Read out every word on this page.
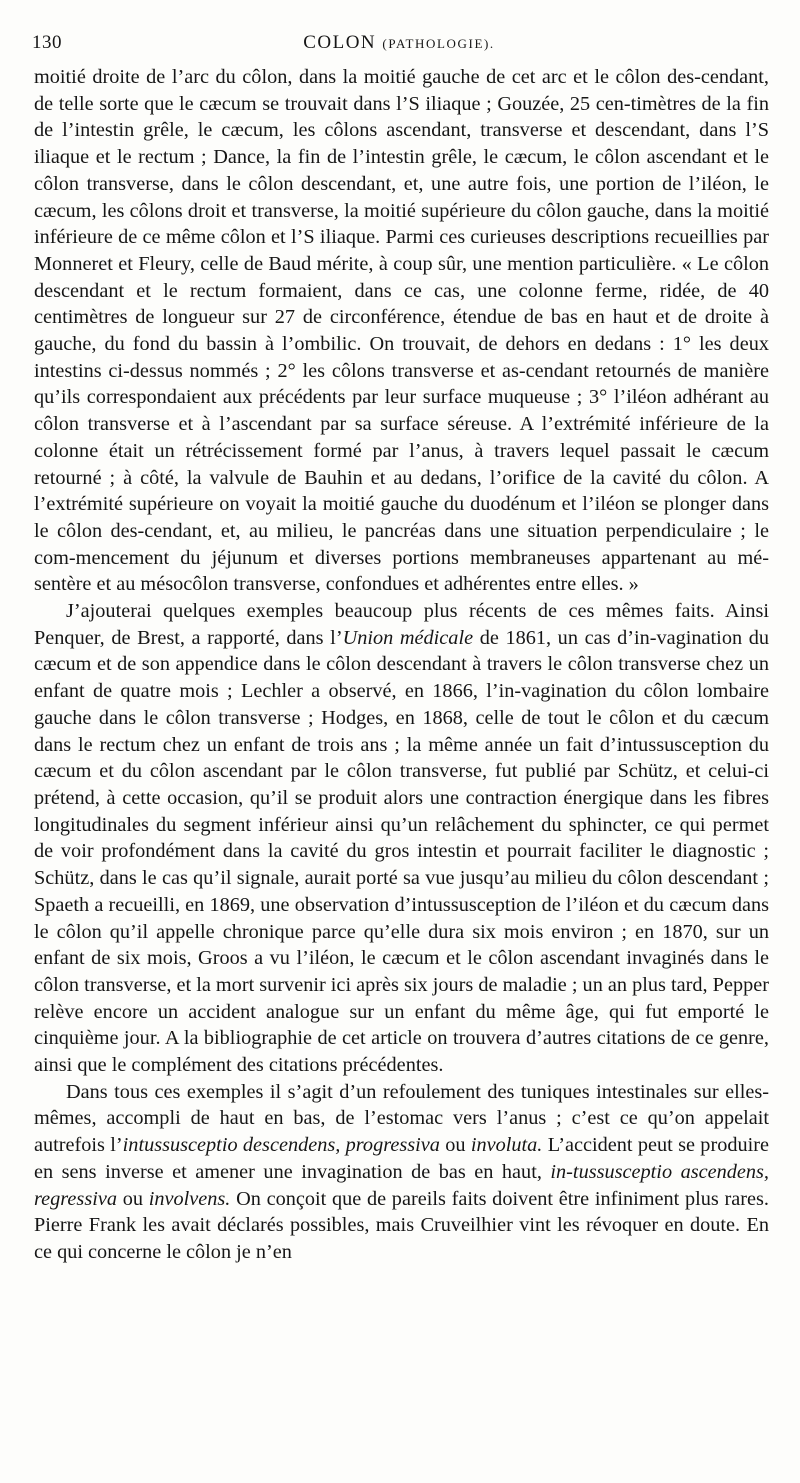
130	COLON (PATHOLOGIE).

moitié droite de l’arc du côlon, dans la moitié gauche de cet arc et le côlon des-cendant, de telle sorte que le cæcum se trouvait dans l’S iliaque ; Gouzée, 25 cen-timètres de la fin de l’intestin grêle, le cæcum, les côlons ascendant, transverse et descendant, dans l’S iliaque et le rectum ; Dance, la fin de l’intestin grêle, le cæcum, le côlon ascendant et le côlon transverse, dans le côlon descendant, et, une autre fois, une portion de l’iléon, le cæcum, les côlons droit et transverse, la moitié supérieure du côlon gauche, dans la moitié inférieure de ce même côlon et l’S iliaque. Parmi ces curieuses descriptions recueillies par Monneret et Fleury, celle de Baud mérite, à coup sûr, une mention particulière. « Le côlon descendant et le rectum formaient, dans ce cas, une colonne ferme, ridée, de 40 centimètres de longueur sur 27 de circonférence, étendue de bas en haut et de droite à gauche, du fond du bassin à l’ombilic. On trouvait, de dehors en dedans : 1° les deux intestins ci-dessus nommés ; 2° les côlons transverse et as-cendant retournés de manière qu’ils correspondaient aux précédents par leur surface muqueuse ; 3° l’iléon adhérant au côlon transverse et à l’ascendant par sa surface séreuse. A l’extrémité inférieure de la colonne était un rétrécissement formé par l’anus, à travers lequel passait le cæcum retourné ; à côté, la valvule de Bauhin et au dedans, l’orifice de la cavité du côlon. A l’extrémité supérieure on voyait la moitié gauche du duodénum et l’iléon se plonger dans le côlon des-cendant, et, au milieu, le pancréas dans une situation perpendiculaire ; le com-mencement du jéjunum et diverses portions membraneuses appartenant au mé-sentère et au mésocôlon transverse, confondues et adhérentes entre elles. »

J’ajouterai quelques exemples beaucoup plus récents de ces mêmes faits. Ainsi Penquer, de Brest, a rapporté, dans l’Union médicale de 1861, un cas d’in-vagination du cæcum et de son appendice dans le côlon descendant à travers le côlon transverse chez un enfant de quatre mois ; Lechler a observé, en 1866, l’in-vagination du côlon lombaire gauche dans le côlon transverse ; Hodges, en 1868, celle de tout le côlon et du cæcum dans le rectum chez un enfant de trois ans ; la même année un fait d’intussusception du cæcum et du côlon ascendant par le côlon transverse, fut publié par Schütz, et celui-ci prétend, à cette occasion, qu’il se produit alors une contraction énergique dans les fibres longitudinales du segment inférieur ainsi qu’un relâchement du sphincter, ce qui permet de voir profondément dans la cavité du gros intestin et pourrait faciliter le diagnostic ; Schütz, dans le cas qu’il signale, aurait porté sa vue jusqu’au milieu du côlon descendant ; Spaeth a recueilli, en 1869, une observation d’intussusception de l’iléon et du cæcum dans le côlon qu’il appelle chronique parce qu’elle dura six mois environ ; en 1870, sur un enfant de six mois, Groos a vu l’iléon, le cæcum et le côlon ascendant invaginés dans le côlon transverse, et la mort survenir ici après six jours de maladie ; un an plus tard, Pepper relève encore un accident analogue sur un enfant du même âge, qui fut emporté le cinquième jour. A la bibliographie de cet article on trouvera d’autres citations de ce genre, ainsi que le complément des citations précédentes.

Dans tous ces exemples il s’agit d’un refoulement des tuniques intestinales sur elles-mêmes, accompli de haut en bas, de l’estomac vers l’anus ; c’est ce qu’on appelait autrefois l’intussusceptio descendens, progressiva ou involuta. L’accident peut se produire en sens inverse et amener une invagination de bas en haut, in-tussusceptio ascendens, regressiva ou involvens. On conçoit que de pareils faits doivent être infiniment plus rares. Pierre Frank les avait déclarés possibles, mais Cruveilhier vint les révoquer en doute. En ce qui concerne le côlon je n’en
